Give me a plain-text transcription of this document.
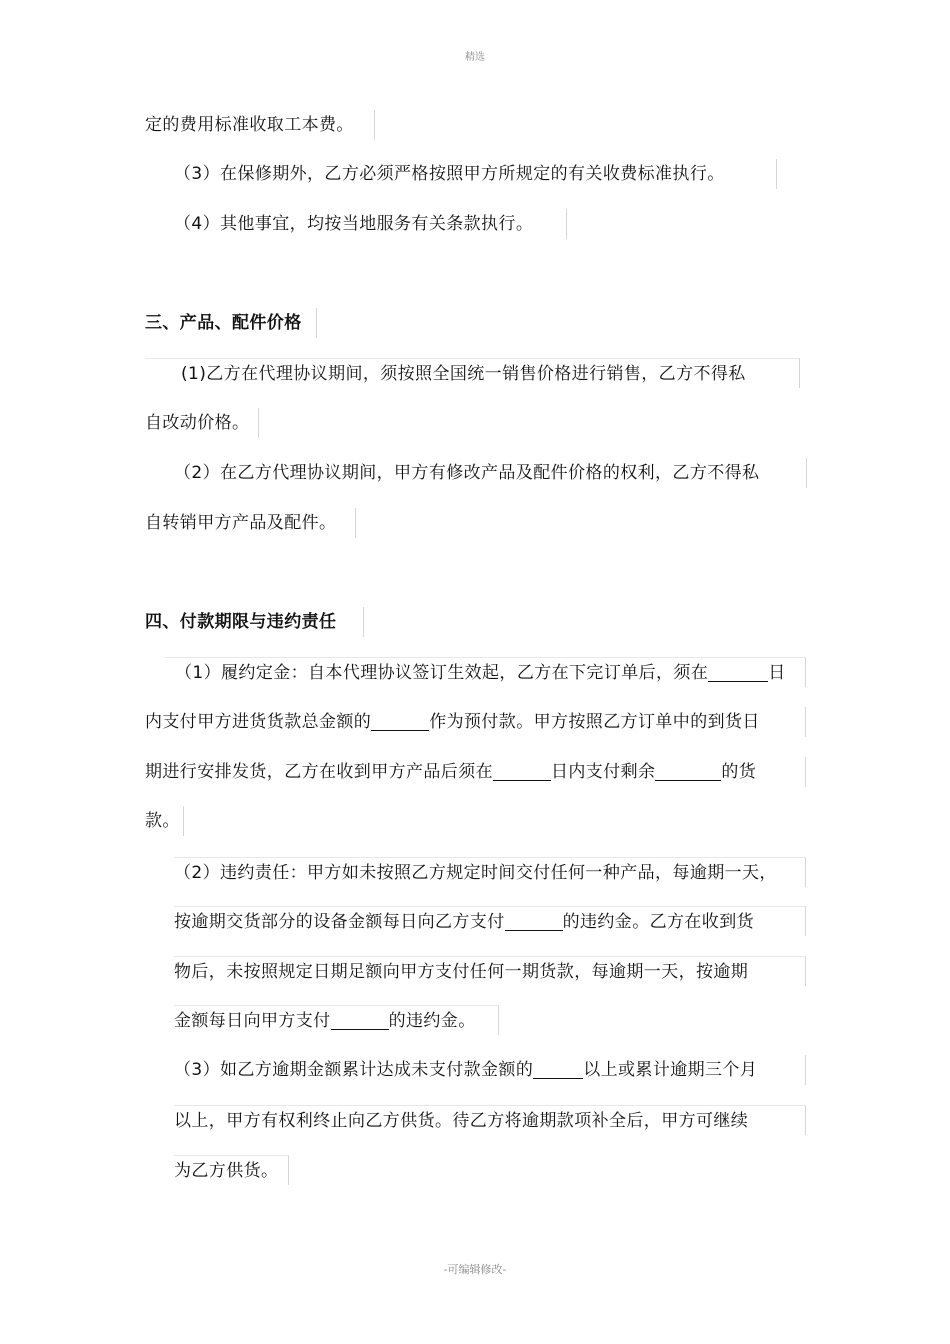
精选
定的费用标准收取工本费。
（3）在保修期外，乙方必须严格按照甲方所规定的有关收费标准执行。
（4）其他事宜，均按当地服务有关条款执行。
三、产品、配件价格
(1)乙方在代理协议期间，须按照全国统一销售价格进行销售，乙方不得私
自改动价格。
（2）在乙方代理协议期间，甲方有修改产品及配件价格的权利，乙方不得私
自转销甲方产品及配件。
四、付款期限与违约责任
（1）履约定金：自本代理协议签订生效起，乙方在下完订单后，须在	日
内支付甲方进货货款总金额的	作为预付款。甲方按照乙方订单中的到货日
期进行安排发货，乙方在收到甲方产品后须在	日内支付剩余	的货
款。
（2）违约责任：甲方如未按照乙方规定时间交付任何一种产品，每逾期一天，
按逾期交货部分的设备金额每日向乙方支付	的违约金。乙方在收到货
物后，未按照规定日期足额向甲方支付任何一期货款，每逾期一天，按逾期
金额每日向甲方支付	的违约金。
（3）如乙方逾期金额累计达成未支付款金额的	以上或累计逾期三个月
以上，甲方有权利终止向乙方供货。待乙方将逾期款项补全后，甲方可继续
为乙方供货。
-可编辑修改-
